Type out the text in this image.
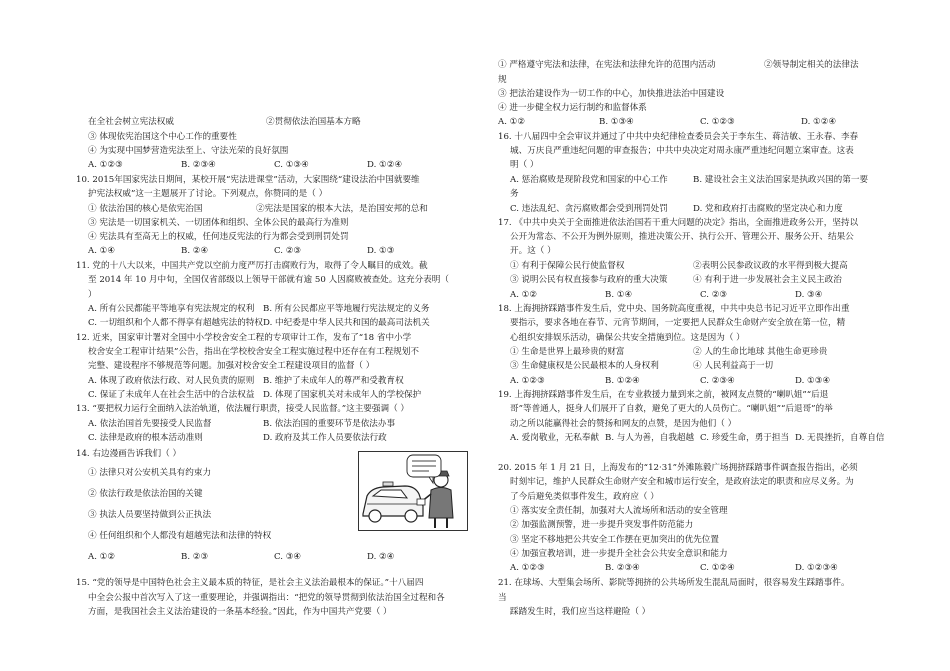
在全社会树立宪法权威	②贯彻依法治国基本方略
③ 体现依宪治国这个中心工作的重要性
④ 为实现中国梦营造宪法至上、守法光荣的良好氛围
A. ①②③	B. ②③④	C. ①③④	D. ①②④
10. 2015年国家宪法日期间，某校开展“宪法进课堂”活动，大家围绕“建设法治中国就要维
护宪法权威”这一主题展开了讨论。下列观点，你赞同的是（ ）
① 依法治国的核心是依宪治国	②宪法是国家的根本大法，是治国安邦的总和
③ 宪法是一切国家机关、一切团体和组织、全体公民的最高行为准则
④ 宪法具有至高无上的权威，任何违反宪法的行为都会受到刑罚处罚
A. ①④	B. ②④	C. ②③	D. ①③
11. 党的十八大以来，中国共产党以空前力度严厉打击腐败行为，取得了令人瞩目的成效。截
至 2014 年 10 月中旬，全国仅省部级以上领导干部就有逾 50 人因腐败被查处。这充分表明（
）
A. 所有公民都能平等地享有宪法规定的权利 B. 所有公民都应平等地履行宪法规定的义务
C. 一切组织和个人都不得享有超越宪法的特权 D. 中纪委是中华人民共和国的最高司法机关
12. 近来，国家审计署对全国中小学校舍安全工程的专项审计工作，发布了“18 省中小学
校舍安全工程审计结果”公告，指出在学校校舍安全工程实施过程中还存在有工程规划不
完整、建设程序不够规范等问题。加强对校舍安全工程建设项目的监督（ ）
A. 体现了政府依法行政、对人民负责的原则 B. 维护了未成年人的尊严和受教育权
C. 保证了未成年人在社会生活中的合法权益 D. 体现了国家机关对未成年人的学校保护
13. “要把权力运行全面纳入法治轨道，依法履行职责，接受人民监督。”这主要强调（ ）
A. 依法治国首先要接受人民监督	B. 依法治国的重要环节是依法办事
C. 法律是政府的根本活动准则	D. 政府及其工作人员要依法行政
14. 右边漫画告诉我们（ ）
① 法律只对公安机关具有约束力
② 依法行政是依法治国的关键
③ 执法人员要坚持做到公正执法
④ 任何组织和个人都没有超越宪法和法律的特权
A. ①②	B. ②③	C. ③④	D. ②④
15. “党的领导是中国特色社会主义最本质的特征，是社会主义法治最根本的保证。”十八届四
中全会公报中首次写入了这一重要理论，并强调指出：“把党的领导贯彻到依法治国全过程和各
方面，是我国社会主义法治建设的一条基本经验。”因此，作为中国共产党要（ ）
① 严格遵守宪法和法律，在宪法和法律允许的范围内活动	②领导制定相关的法律法
规
③ 把法治建设作为一切工作的中心，加快推进法治中国建设
④ 进一步健全权力运行制约和监督体系
A. ①②	B. ①③④	C. ①②③	D. ①②④
16. 十八届四中全会审议并通过了中共中央纪律检查委员会关于李东生、蒋洁敏、王永春、李春
城、万庆良严重违纪问题的审查报告；中共中央决定对周永康严重违纪问题立案审查。这表
明（ ）
A. 惩治腐败是现阶段党和国家的中心工作	B. 建设社会主义法治国家是执政兴国的第一要
务
C. 违法乱纪、贪污腐败都会受到刑罚处罚	D. 党和政府打击腐败的坚定决心和力度
17. 《中共中央关于全面推进依法治国若干重大问题的决定》指出，全面推进政务公开，坚持以
公开为常态、不公开为例外原则，推进决策公开、执行公开、管理公开、服务公开、结果公
开。这（ ）
① 有利于保障公民行使监督权	②表明公民参政议政的水平得到极大提高
③ 说明公民有权直接参与政府的重大决策	④ 有利于进一步发展社会主义民主政治
A. ①②	B. ①④	C. ②③	D. ③④
18. 上海拥挤踩踏事件发生后，党中央、国务院高度重视，中共中央总书记习近平立即作出重
要指示，要求各地在春节、元宵节期间，一定要把人民群众生命财产安全放在第一位，精
心组织安排娱乐活动，确保公共安全措施到位。这是因为（ ）
① 生命是世界上最珍贵的财富	② 人的生命比地球 其他生命更珍贵
③ 生命健康权是公民最根本的人身权利	④ 人民利益高于一切
A. ①②③	B. ①②④	C. ②③④	D. ①③④
19. 上海拥挤踩踏事件发生后，在专业救援力量到来之前，被网友点赞的“喇叭姐”“后退
哥”等普通人，挺身人们展开了自救，避免了更大的人员伤亡。“喇叭姐”“后退哥”的举
动之所以能赢得社会的赞扬和网友的点赞，是因为他们（ ）
A. 爱岗敬业，无私奉献 B. 与人为善，自我超越 C. 珍爱生命，勇于担当 D. 无畏挫折，自尊自信
20. 2015 年 1 月 21 日，上海发布的“12·31”外滩陈毅广场拥挤踩踏事件调查报告指出，必须
时刻牢记，维护人民群众生命财产安全和城市运行安全，是政府法定的职责和应尽义务。为
了今后避免类似事件发生，政府应（ ）
① 落实安全责任制，加强对大人流场所和活动的安全管理
② 加强监测预警，进一步提升突发事件防范能力
③ 坚定不移地把公共安全工作摆在更加突出的优先位置
④ 加强宣教培训，进一步提升全社会公共安全意识和能力
A. ①②③	B. ②③④	C. ①②④	D. ①②③④
21. 在球场、大型集会场所、影院等拥挤的公共场所发生混乱局面时，很容易发生踩踏事件。
当
踩踏发生时，我们应当这样避险（ ）
